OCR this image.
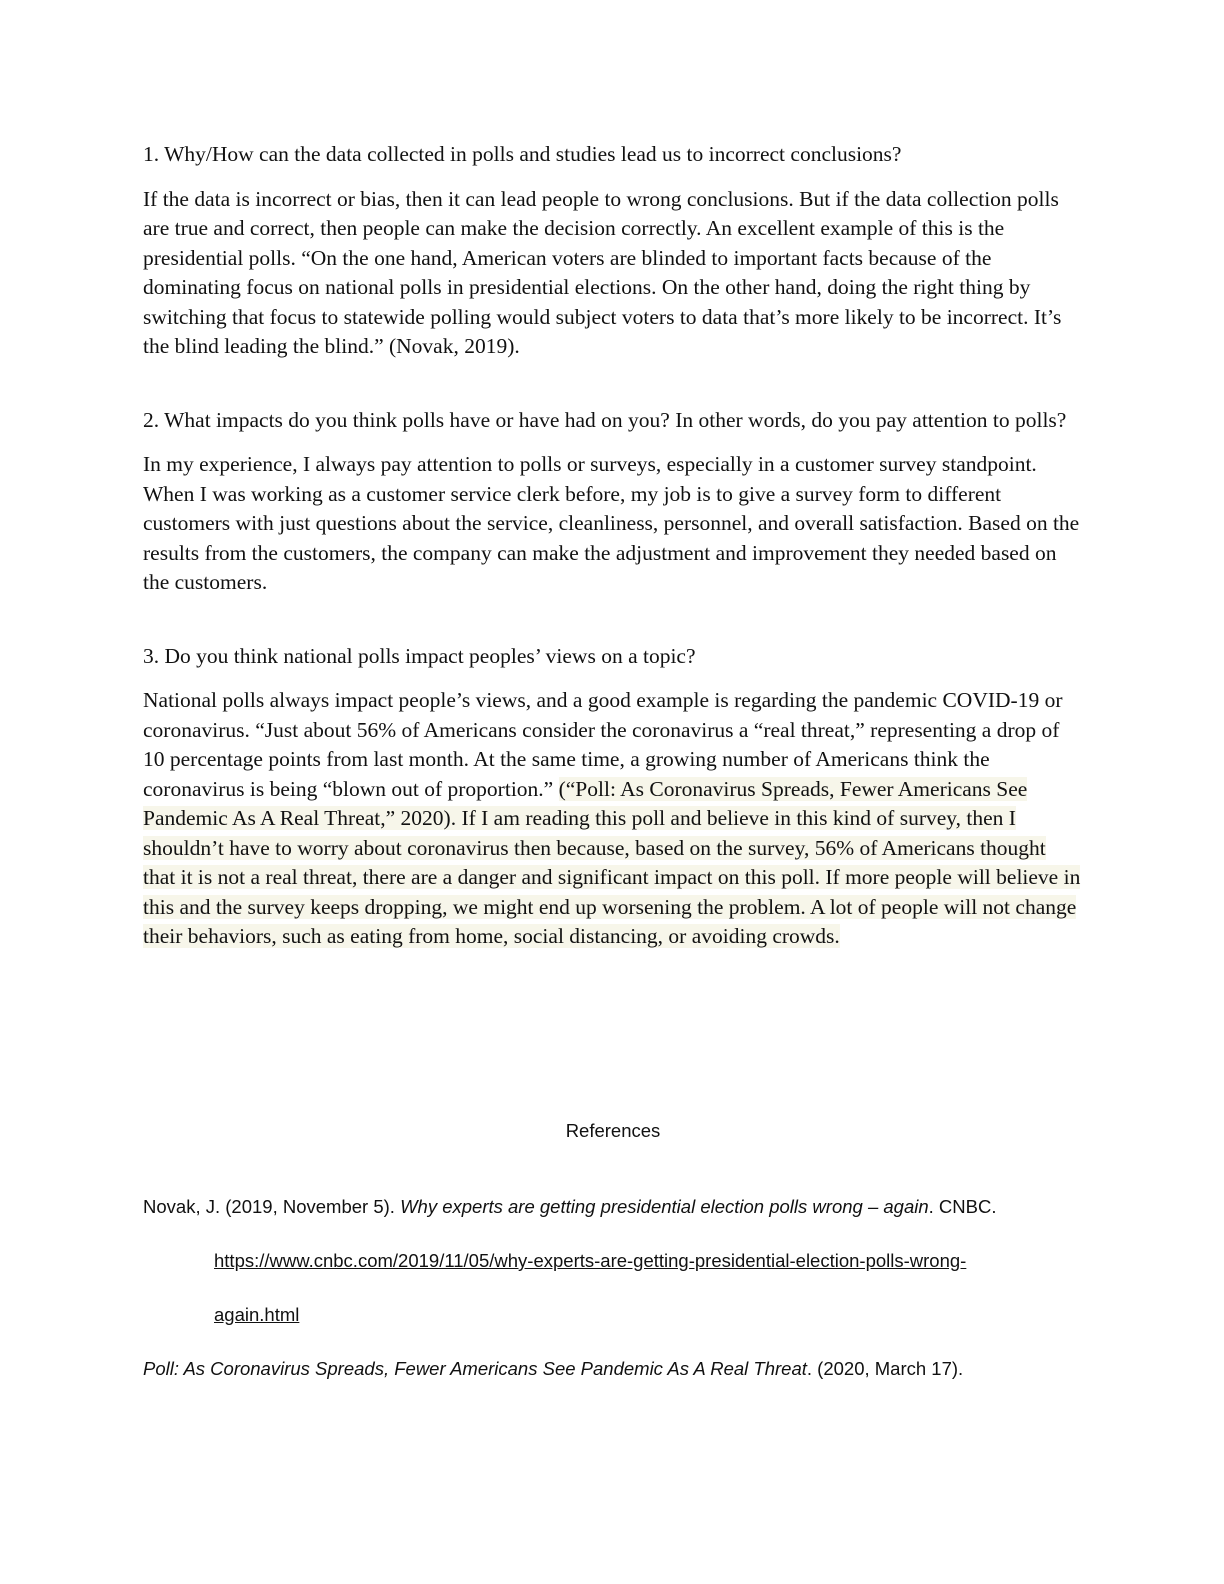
1. Why/How can the data collected in polls and studies lead us to incorrect conclusions?

If the data is incorrect or bias, then it can lead people to wrong conclusions. But if the data collection polls are true and correct, then people can make the decision correctly. An excellent example of this is the presidential polls. “On the one hand, American voters are blinded to important facts because of the dominating focus on national polls in presidential elections. On the other hand, doing the right thing by switching that focus to statewide polling would subject voters to data that’s more likely to be incorrect. It’s the blind leading the blind.” (Novak, 2019).

2. What impacts do you think polls have or have had on you? In other words, do you pay attention to polls?

In my experience, I always pay attention to polls or surveys, especially in a customer survey standpoint. When I was working as a customer service clerk before, my job is to give a survey form to different customers with just questions about the service, cleanliness, personnel, and overall satisfaction. Based on the results from the customers, the company can make the adjustment and improvement they needed based on the customers.

3. Do you think national polls impact peoples’ views on a topic?

National polls always impact people’s views, and a good example is regarding the pandemic COVID-19 or coronavirus. “Just about 56% of Americans consider the coronavirus a “real threat,” representing a drop of 10 percentage points from last month. At the same time, a growing number of Americans think the coronavirus is being “blown out of proportion.” (“Poll: As Coronavirus Spreads, Fewer Americans See Pandemic As A Real Threat,” 2020). If I am reading this poll and believe in this kind of survey, then I shouldn’t have to worry about coronavirus then because, based on the survey, 56% of Americans thought that it is not a real threat, there are a danger and significant impact on this poll. If more people will believe in this and the survey keeps dropping, we might end up worsening the problem. A lot of people will not change their behaviors, such as eating from home, social distancing, or avoiding crowds.

References
Novak, J. (2019, November 5). Why experts are getting presidential election polls wrong – again. CNBC.
https://www.cnbc.com/2019/11/05/why-experts-are-getting-presidential-election-polls-wrong-
again.html
Poll: As Coronavirus Spreads, Fewer Americans See Pandemic As A Real Threat. (2020, March 17).
